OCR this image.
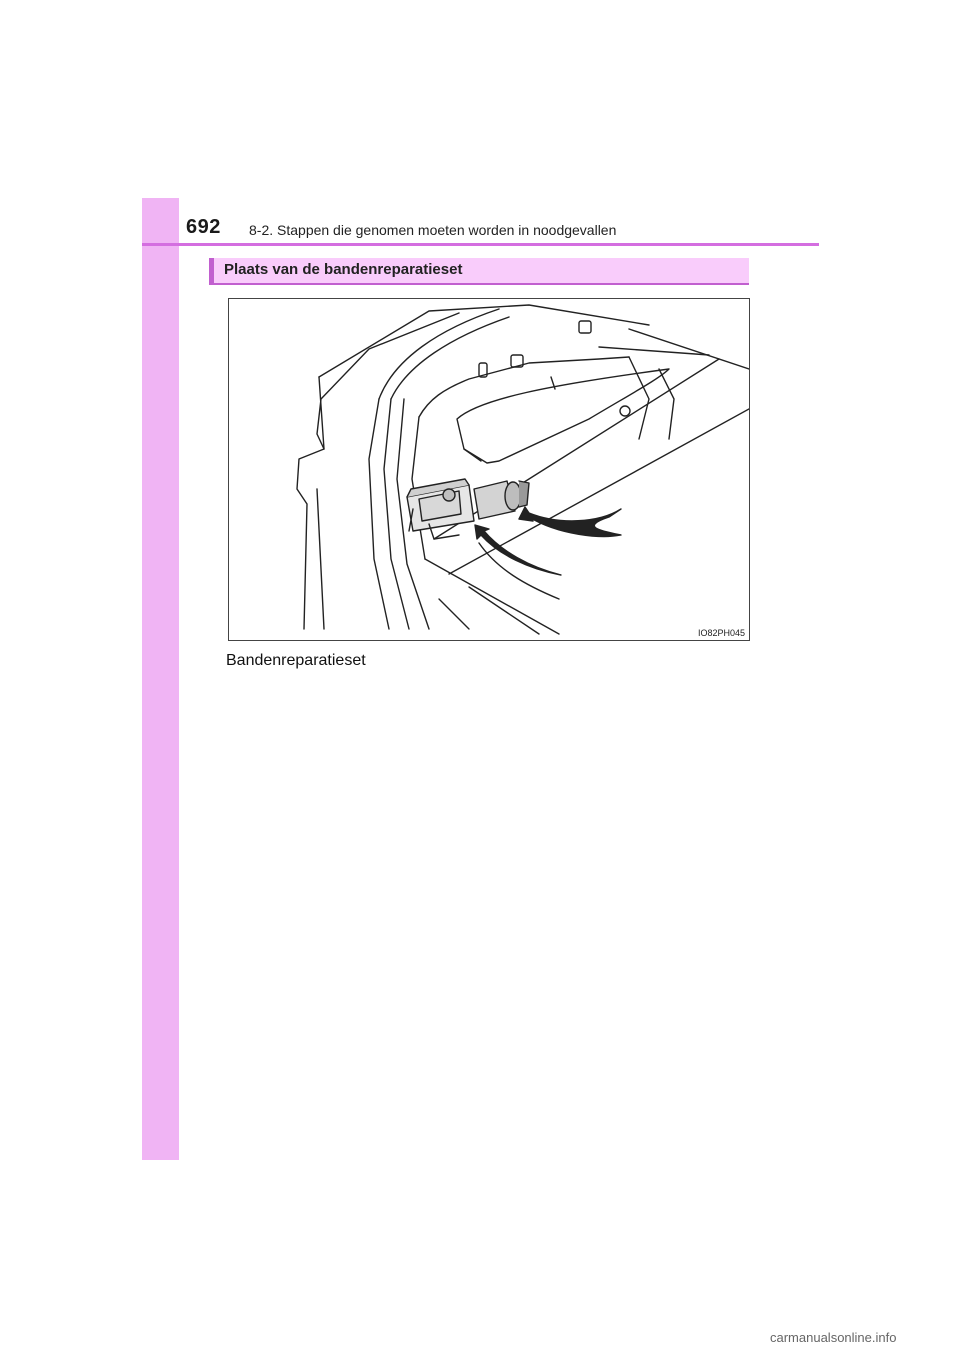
692 8-2. Stappen die genomen moeten worden in noodgevallen
Plaats van de bandenreparatieset
IO82PH045
Bandenreparatieset
carmanualsonline.info
